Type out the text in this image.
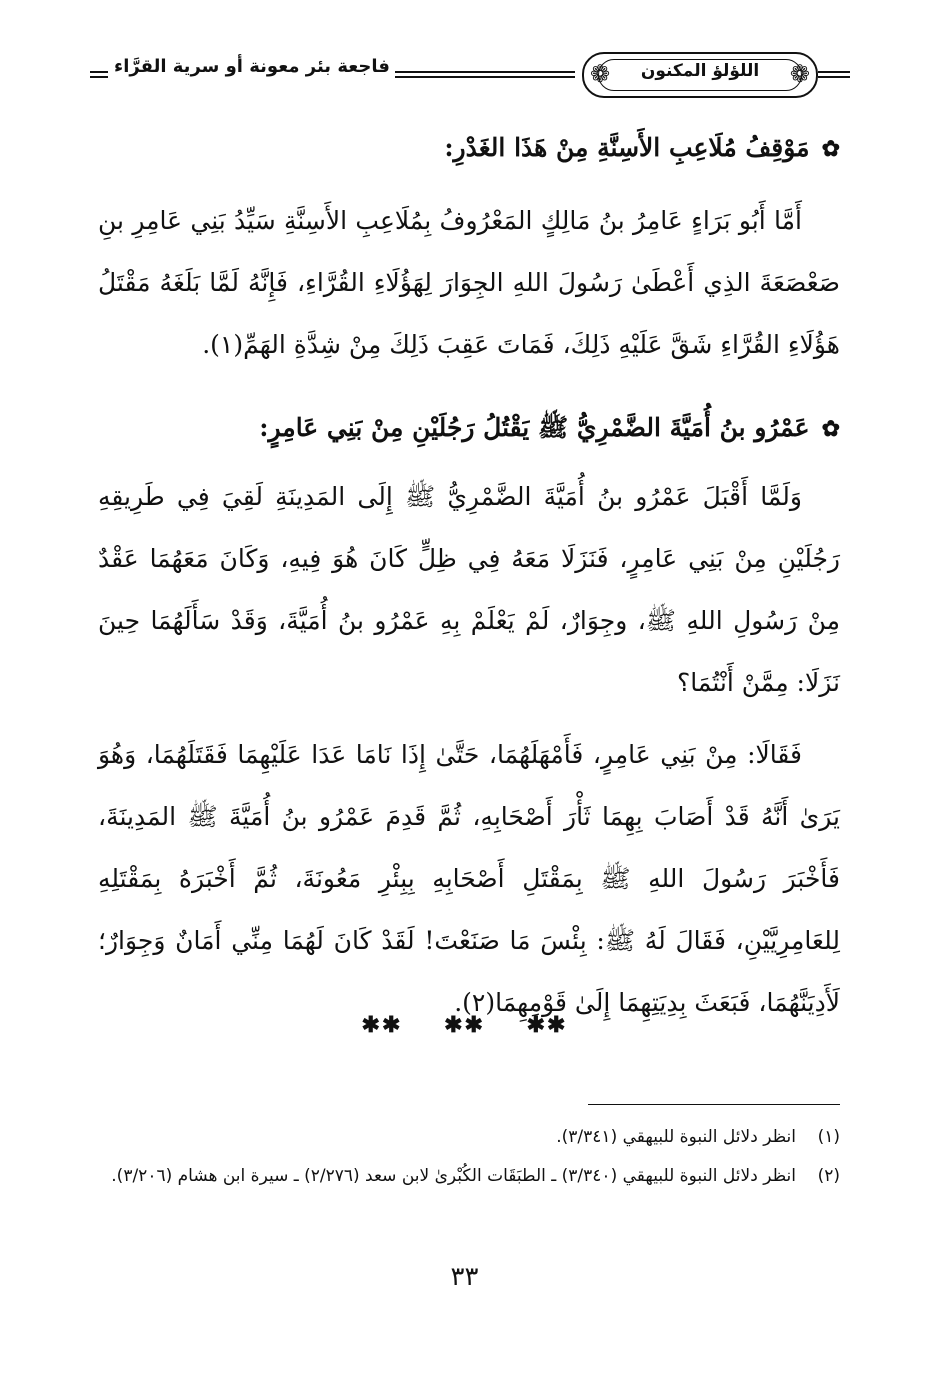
فاجعة بئر معونة أو سرية القرَّاء	❁	اللؤلؤ المكنون	❁
✿مَوْقِفُ مُلَاعِبِ الأَسِنَّةِ مِنْ هَذَا الغَدْرِ:

أَمَّا أَبُو بَرَاءٍ عَامِرُ بنُ مَالِكٍ المَعْرُوفُ بِمُلَاعِبِ الأَسِنَّةِ سَيِّدُ بَنِي عَامِرِ بنِ صَعْصَعَةَ الذِي أَعْطَىٰ رَسُولَ اللهِ الجِوَارَ لِهَؤُلَاءِ القُرَّاءِ، فَإِنَّهُ لَمَّا بَلَغَهُ مَقْتَلُ هَؤُلَاءِ القُرَّاءِ شَقَّ عَلَيْهِ ذَلِكَ، فَمَاتَ عَقِبَ ذَلِكَ مِنْ شِدَّةِ الهَمِّ(١).

✿عَمْرُو بنُ أُمَيَّةَ الضَّمْرِيُّ ﷺ يَقْتُلُ رَجُلَيْنِ مِنْ بَنِي عَامِرٍ:

وَلَمَّا أَقْبَلَ عَمْرُو بنُ أُمَيَّةَ الضَّمْرِيُّ ﷺ إِلَى المَدِينَةِ لَقِيَ فِي طَرِيقِهِ رَجُلَيْنِ مِنْ بَنِي عَامِرٍ، فَنَزَلَا مَعَهُ فِي ظِلٍّ كَانَ هُوَ فِيهِ، وَكَانَ مَعَهُمَا عَقْدٌ مِنْ رَسُولِ اللهِ ﷺ، وجِوَارٌ، لَمْ يَعْلَمْ بِهِ عَمْرُو بنُ أُمَيَّةَ، وَقَدْ سَأَلَهُمَا حِينَ نَزَلَا: مِمَّنْ أَنْتُمَا؟

فَقَالَا: مِنْ بَنِي عَامِرٍ، فَأَمْهَلَهُمَا، حَتَّىٰ إِذَا نَامَا عَدَا عَلَيْهِمَا فَقَتَلَهُمَا، وَهُوَ يَرَىٰ أَنَّهُ قَدْ أَصَابَ بِهِمَا ثَأْرَ أَصْحَابِهِ، ثُمَّ قَدِمَ عَمْرُو بنُ أُمَيَّةَ ﷺ المَدِينَةَ، فَأَخْبَرَ رَسُولَ اللهِ ﷺ بِمَقْتَلِ أَصْحَابِهِ بِبِئْرِ مَعُونَةَ، ثُمَّ أَخْبَرَهُ بِمَقْتَلِهِ لِلعَامِرِيَّيْنِ، فَقَالَ لَهُ ﷺ: بِئْسَ مَا صَنَعْتَ! لَقَدْ كَانَ لَهُمَا مِنِّي أَمَانٌ وَجِوَارٌ؛ لَأَدِيَنَّهُمَا، فَبَعَثَ بِدِيَتِهِمَا إِلَىٰ قَوْمِهِمَا(٢).

✱✱ ✱✱ ✱✱
(١)
انظر دلائل النبوة للبيهقي (٣/٣٤١).
(٢)
انظر دلائل النبوة للبيهقي (٣/٣٤٠) ـ الطبَقَات الكُبْرىٰ لابن سعد (٢/٢٧٦) ـ سيرة ابن هشام (٣/٢٠٦).
٣٣
